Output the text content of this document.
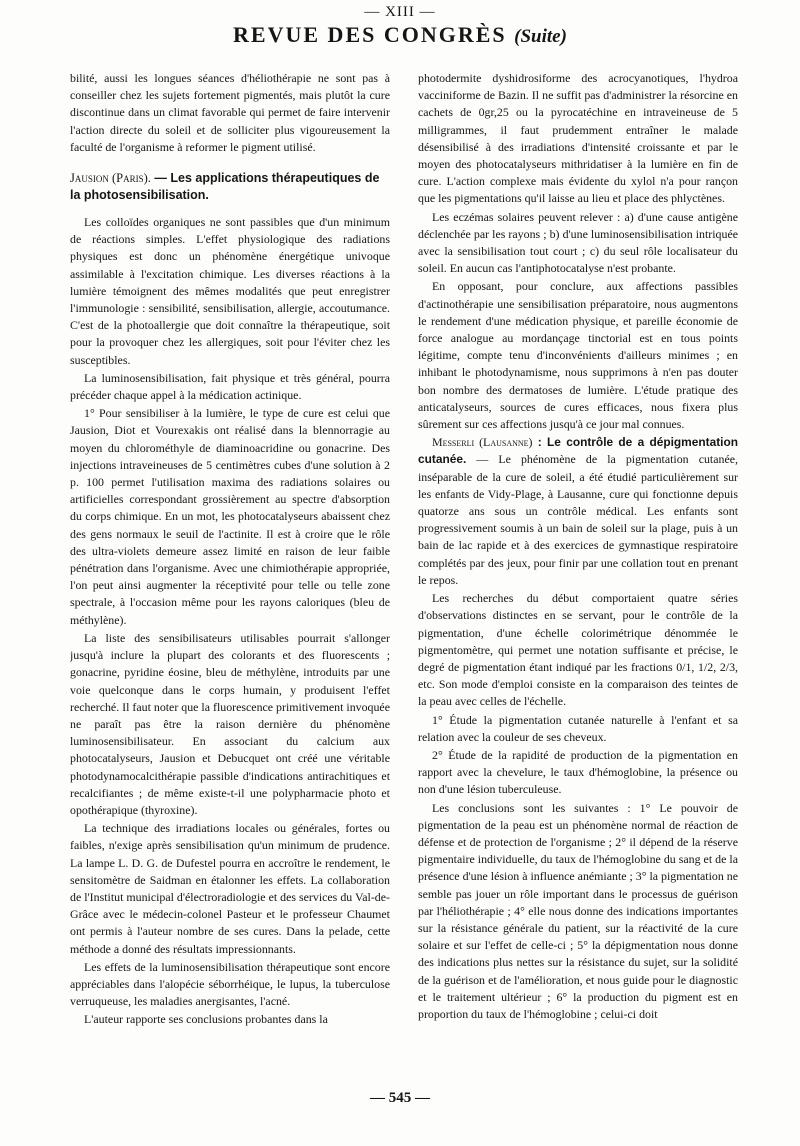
— XIII —
REVUE DES CONGRÈS (Suite)

bilité, aussi les longues séances d'héliothérapie ne sont pas à conseiller chez les sujets fortement pigmentés, mais plutôt la cure discontinue dans un climat favorable qui permet de faire intervenir l'action directe du soleil et de solliciter plus vigoureusement la faculté de l'organisme à reformer le pigment utilisé.

Jausion (Paris). — Les applications thérapeutiques de la photosensibilisation.

Les colloïdes organiques ne sont passibles que d'un minimum de réactions simples. L'effet physiologique des radiations physiques est donc un phénomène énergétique univoque assimilable à l'excitation chimique. Les diverses réactions à la lumière témoignent des mêmes modalités que peut enregistrer l'immunologie : sensibilité, sensibilisation, allergie, accoutumance. C'est de la photoallergie que doit connaître la thérapeutique, soit pour la provoquer chez les allergiques, soit pour l'éviter chez les susceptibles.

La luminosensibilisation, fait physique et très général, pourra précéder chaque appel à la médication actinique.

1° Pour sensibiliser à la lumière, le type de cure est celui que Jausion, Diot et Vourexakis ont réalisé dans la blennorragie au moyen du chlorométhyle de diaminoacridine ou gonacrine. Des injections intraveineuses de 5 centimètres cubes d'une solution à 2 p. 100 permet l'utilisation maxima des radiations solaires ou artificielles correspondant grossièrement au spectre d'absorption du corps chimique. En un mot, les photocatalyseurs abaissent chez des gens normaux le seuil de l'actinite. Il est à croire que le rôle des ultra-violets demeure assez limité en raison de leur faible pénétration dans l'organisme. Avec une chimiothérapie appropriée, l'on peut ainsi augmenter la réceptivité pour telle ou telle zone spectrale, à l'occasion même pour les rayons caloriques (bleu de méthylène).

La liste des sensibilisateurs utilisables pourrait s'allonger jusqu'à inclure la plupart des colorants et des fluorescents ; gonacrine, pyridine éosine, bleu de méthylène, introduits par une voie quelconque dans le corps humain, y produisent l'effet recherché. Il faut noter que la fluorescence primitivement invoquée ne paraît pas être la raison dernière du phénomène luminosensibilisateur. En associant du calcium aux photocatalyseurs, Jausion et Debucquet ont créé une véritable photodynamocalcithérapie passible d'indications antirachitiques et recalcifiantes ; de même existe-t-il une polypharmacie photo et opothérapique (thyroxine).

La technique des irradiations locales ou générales, fortes ou faibles, n'exige après sensibilisation qu'un minimum de prudence. La lampe L. D. G. de Dufestel pourra en accroître le rendement, le sensitomètre de Saidman en étalonner les effets. La collaboration de l'Institut municipal d'électroradiologie et des services du Val-de-Grâce avec le médecin-colonel Pasteur et le professeur Chaumet ont permis à l'auteur nombre de ses cures. Dans la pelade, cette méthode a donné des résultats impressionnants.

Les effets de la luminosensibilisation thérapeutique sont encore appréciables dans l'alopécie séborrhéique, le lupus, la tuberculose verruqueuse, les maladies anergisantes, l'acné.

L'auteur rapporte ses conclusions probantes dans la

photodermite dyshidrosiforme des acrocyanotiques, l'hydroa vacciniforme de Bazin. Il ne suffit pas d'administrer la résorcine en cachets de 0gr,25 ou la pyrocatéchine en intraveineuse de 5 milligrammes, il faut prudemment entraîner le malade désensibilisé à des irradiations d'intensité croissante et par le moyen des photocatalyseurs mithridatiser à la lumière en fin de cure. L'action complexe mais évidente du xylol n'a pour rançon que les pigmentations qu'il laisse au lieu et place des phlyctènes.

Les eczémas solaires peuvent relever : a) d'une cause antigène déclenchée par les rayons ; b) d'une luminosensibilisation intriquée avec la sensibilisation tout court ; c) du seul rôle localisateur du soleil. En aucun cas l'antiphotocatalyse n'est probante.

En opposant, pour conclure, aux affections passibles d'actinothérapie une sensibilisation préparatoire, nous augmentons le rendement d'une médication physique, et pareille économie de force analogue au mordançage tinctorial est en tous points légitime, compte tenu d'inconvénients d'ailleurs minimes ; en inhibant le photodynamisme, nous supprimons à n'en pas douter bon nombre des dermatoses de lumière. L'étude pratique des anticatalyseurs, sources de cures efficaces, nous fixera plus sûrement sur ces affections jusqu'à ce jour mal connues.

Messerli (Lausanne) : Le contrôle de a dépigmentation cutanée. — Le phénomène de la pigmentation cutanée, inséparable de la cure de soleil, a été étudié particulièrement sur les enfants de Vidy-Plage, à Lausanne, cure qui fonctionne depuis quatorze ans sous un contrôle médical. Les enfants sont progressivement soumis à un bain de soleil sur la plage, puis à un bain de lac rapide et à des exercices de gymnastique respiratoire complétés par des jeux, pour finir par une collation tout en prenant le repos.

Les recherches du début comportaient quatre séries d'observations distinctes en se servant, pour le contrôle de la pigmentation, d'une échelle colorimétrique dénommée le pigmentomètre, qui permet une notation suffisante et précise, le degré de pigmentation étant indiqué par les fractions 0/1, 1/2, 2/3, etc. Son mode d'emploi consiste en la comparaison des teintes de la peau avec celles de l'échelle.

1° Étude la pigmentation cutanée naturelle à l'enfant et sa relation avec la couleur de ses cheveux.

2° Étude de la rapidité de production de la pigmentation en rapport avec la chevelure, le taux d'hémoglobine, la présence ou non d'une lésion tuberculeuse.

Les conclusions sont les suivantes : 1° Le pouvoir de pigmentation de la peau est un phénomène normal de réaction de défense et de protection de l'organisme ; 2° il dépend de la réserve pigmentaire individuelle, du taux de l'hémoglobine du sang et de la présence d'une lésion à influence anémiante ; 3° la pigmentation ne semble pas jouer un rôle important dans le processus de guérison par l'héliothérapie ; 4° elle nous donne des indications importantes sur la résistance générale du patient, sur la réactivité de la cure solaire et sur l'effet de celle-ci ; 5° la dépigmentation nous donne des indications plus nettes sur la résistance du sujet, sur la solidité de la guérison et de l'amélioration, et nous guide pour le diagnostic et le traitement ultérieur ; 6° la production du pigment est en proportion du taux de l'hémoglobine ; celui-ci doit

— 545 —
